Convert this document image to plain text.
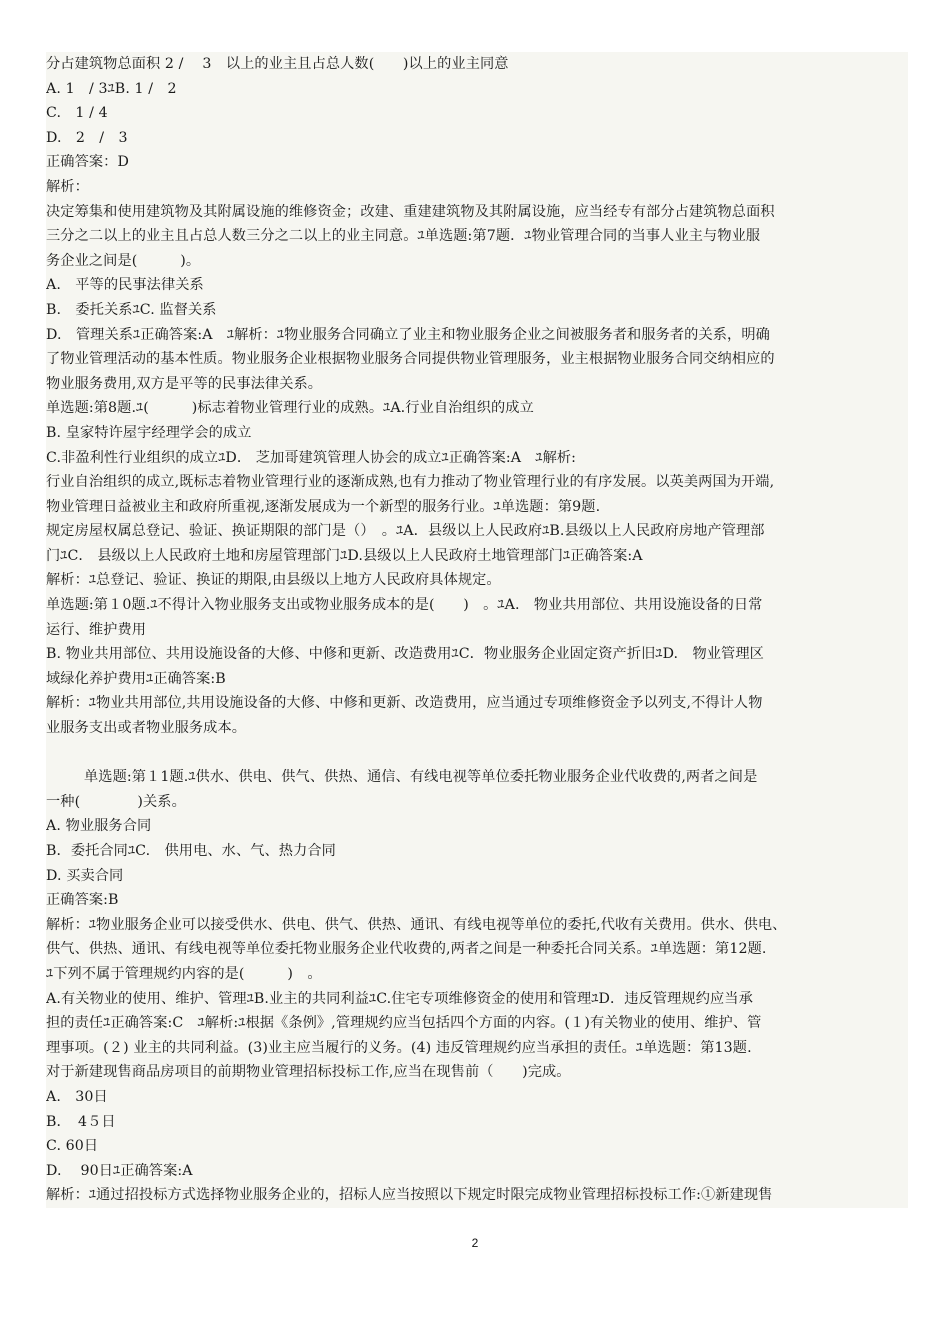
分占建筑物总面积 2 /　 3　以上的业主且占总人数(　　)以上的业主同意
A. 1　/ 3ﾕB. 1 /　2
C.　1 / 4
D.　2　/　3
正确答案：D
解析：
决定筹集和使用建筑物及其附属设施的维修资金；改建、重建建筑物及其附属设施，应当经专有部分占建筑物总面积
三分之二以上的业主且占总人数三分之二以上的业主同意。ﾕ单选题:第7题．ﾕ物业管理合同的当事人业主与物业服
务企业之间是(　　　)。
A.　平等的民事法律关系
B.　委托关系ﾕC. 监督关系
D.　管理关系ﾕ正确答案:A　ﾕ解析：ﾕ物业服务合同确立了业主和物业服务企业之间被服务者和服务者的关系，明确
了物业管理活动的基本性质。物业服务企业根据物业服务合同提供物业管理服务，业主根据物业服务合同交纳相应的
物业服务费用,双方是平等的民事法律关系。
单选题:第8题.ﾕ(　　　)标志着物业管理行业的成熟。ﾕA.行业自治组织的成立
B. 皇家特许屋宇经理学会的成立
C.非盈利性行业组织的成立ﾕD． 芝加哥建筑管理人协会的成立ﾕ正确答案:A　ﾕ解析:
行业自治组织的成立,既标志着物业管理行业的逐渐成熟,也有力推动了物业管理行业的有序发展。以英美两国为开端,
物业管理日益被业主和政府所重视,逐渐发展成为一个新型的服务行业。ﾕ单选题：第9题.
规定房屋权属总登记、验证、换证期限的部门是（）　。ﾕA．县级以上人民政府ﾕB.县级以上人民政府房地产管理部
门ﾕC． 县级以上人民政府土地和房屋管理部门ﾕD.县级以上人民政府土地管理部门ﾕ正确答案:A
解析：ﾕ总登记、验证、换证的期限,由县级以上地方人民政府具体规定。
单选题:第１0题.ﾕ不得计入物业服务支出或物业服务成本的是(　　)　。ﾕA.　物业共用部位、共用设施设备的日常
运行、维护费用
B. 物业共用部位、共用设施设备的大修、中修和更新、改造费用ﾕC．物业服务企业固定资产折旧ﾕD.　物业管理区
域绿化养护费用ﾕ正确答案:B
解析：ﾕ物业共用部位,共用设施设备的大修、中修和更新、改造费用，应当通过专项维修资金予以列支,不得计人物
业服务支出或者物业服务成本。
单选题:第１1题.ﾕ供水、供电、供气、供热、通信、有线电视等单位委托物业服务企业代收费的,两者之间是
一种(　　　　)关系。
A. 物业服务合同
B．委托合同ﾕC.　供用电、水、气、热力合同
D. 买卖合同
正确答案:B
解析：ﾕ物业服务企业可以接受供水、供电、供气、供热、通讯、有线电视等单位的委托,代收有关费用。供水、供电、
供气、供热、通讯、有线电视等单位委托物业服务企业代收费的,两者之间是一种委托合同关系。ﾕ单选题：第12题.
ﾕ下列不属于管理规约内容的是(　　　)　。
A.有关物业的使用、维护、管理ﾕB.业主的共同利益ﾕC.住宅专项维修资金的使用和管理ﾕD．违反管理规约应当承
担的责任ﾕ正确答案:C　ﾕ解析:ﾕ根据《条例》,管理规约应当包括四个方面的内容。(１)有关物业的使用、维护、管
理事项。(２) 业主的共同利益。(3)业主应当履行的义务。(4) 违反管理规约应当承担的责任。ﾕ单选题：第13题.
对于新建现售商品房项目的前期物业管理招标投标工作,应当在现售前（　　)完成。
A.　30日
B．　4５日
C. 60日
D.　 90日ﾕ正确答案:A
解析：ﾕ通过招投标方式选择物业服务企业的，招标人应当按照以下规定时限完成物业管理招标投标工作:①新建现售
2
